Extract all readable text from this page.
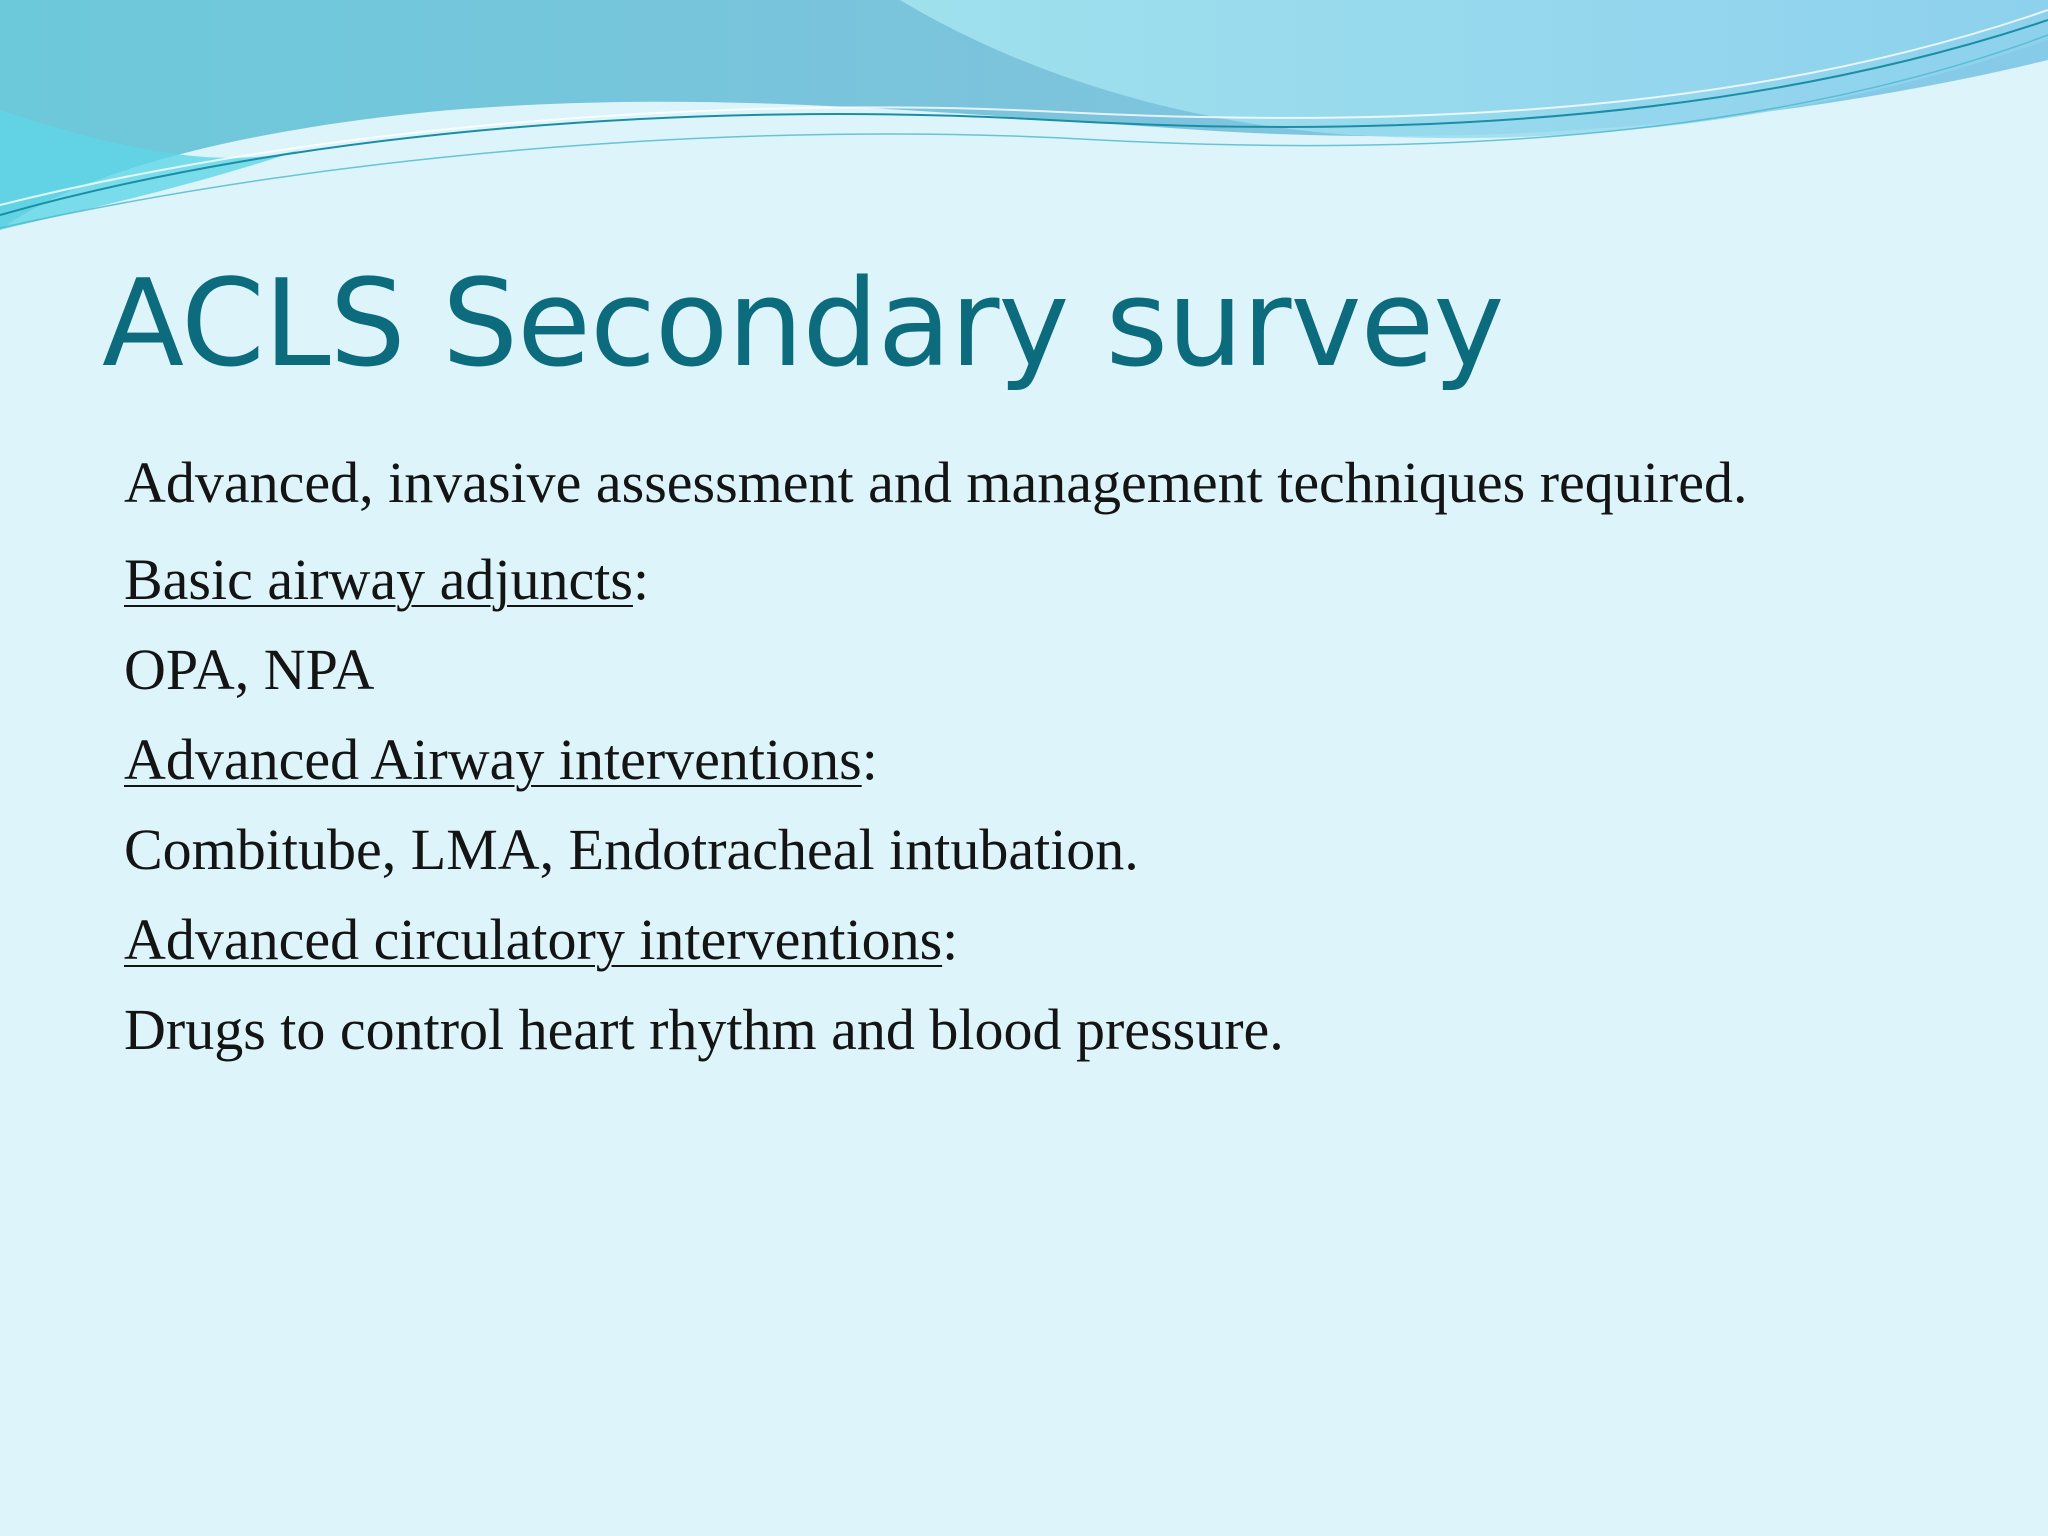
ACLS Secondary survey
Advanced, invasive assessment and management techniques required.
Basic airway adjuncts:
OPA, NPA
Advanced Airway interventions:
Combitube, LMA, Endotracheal intubation.
Advanced circulatory interventions:
Drugs to control heart rhythm and blood pressure.
